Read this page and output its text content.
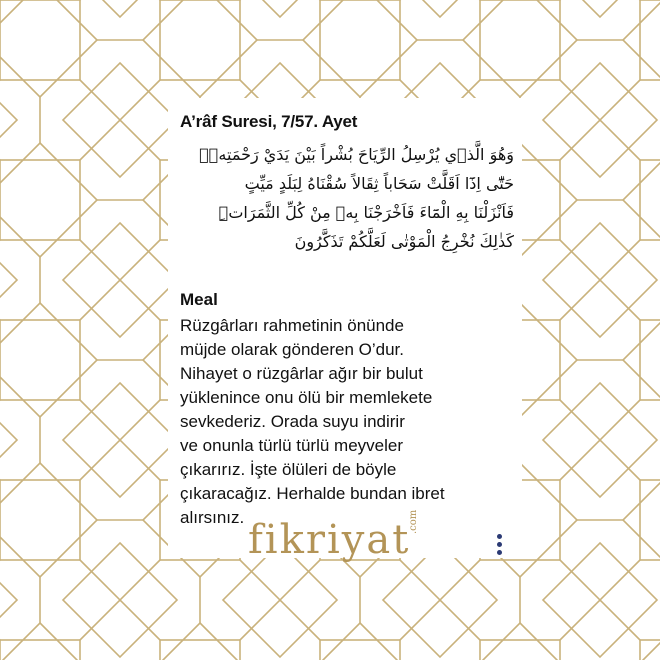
A’râf Suresi, 7/57. Ayet
وَهُوَ الَّذ۪ي يُرْسِلُ الرِّيَاحَ بُشْراً بَيْنَ يَدَيْ رَحْمَتِه۪ۜ
حَتّٰٓى اِذَٓا اَقَلَّتْ سَحَاباً ثِقَالاً سُقْنَاهُ لِبَلَدٍ مَيِّتٍ
فَاَنْزَلْنَا بِهِ الْمَٓاءَ فَاَخْرَجْنَا بِه۪ مِنْ كُلِّ الثَّمَرَاتِۜ
كَذٰلِكَ نُخْرِجُ الْمَوْتٰى لَعَلَّكُمْ تَذَكَّرُونَ
Meal
Rüzgârları rahmetinin önünde
müjde olarak gönderen O’dur.
Nihayet o rüzgârlar ağır bir bulut
yüklenince onu ölü bir memlekete
sevkederiz. Orada suyu indirir
ve onunla türlü türlü meyveler
çıkarırız. İşte ölüleri de böyle
çıkaracağız. Herhalde bundan ibret
alırsınız. fikriyat
.com
